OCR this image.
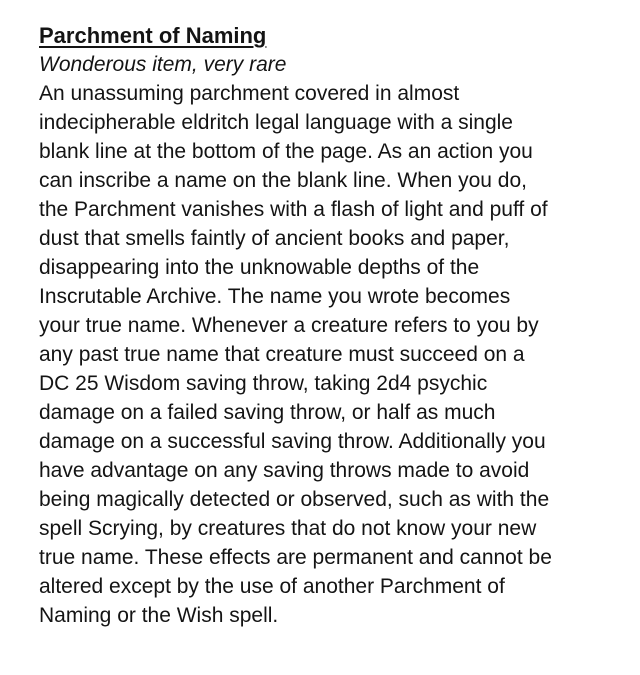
Parchment of Naming
Wonderous item, very rare
An unassuming parchment covered in almost
indecipherable eldritch legal language with a single
blank line at the bottom of the page. As an action you
can inscribe a name on the blank line. When you do,
the Parchment vanishes with a flash of light and puff of
dust that smells faintly of ancient books and paper,
disappearing into the unknowable depths of the
Inscrutable Archive. The name you wrote becomes
your true name. Whenever a creature refers to you by
any past true name that creature must succeed on a
DC 25 Wisdom saving throw, taking 2d4 psychic
damage on a failed saving throw, or half as much
damage on a successful saving throw. Additionally you
have advantage on any saving throws made to avoid
being magically detected or observed, such as with the
spell Scrying, by creatures that do not know your new
true name. These effects are permanent and cannot be
altered except by the use of another Parchment of
Naming or the Wish spell.
